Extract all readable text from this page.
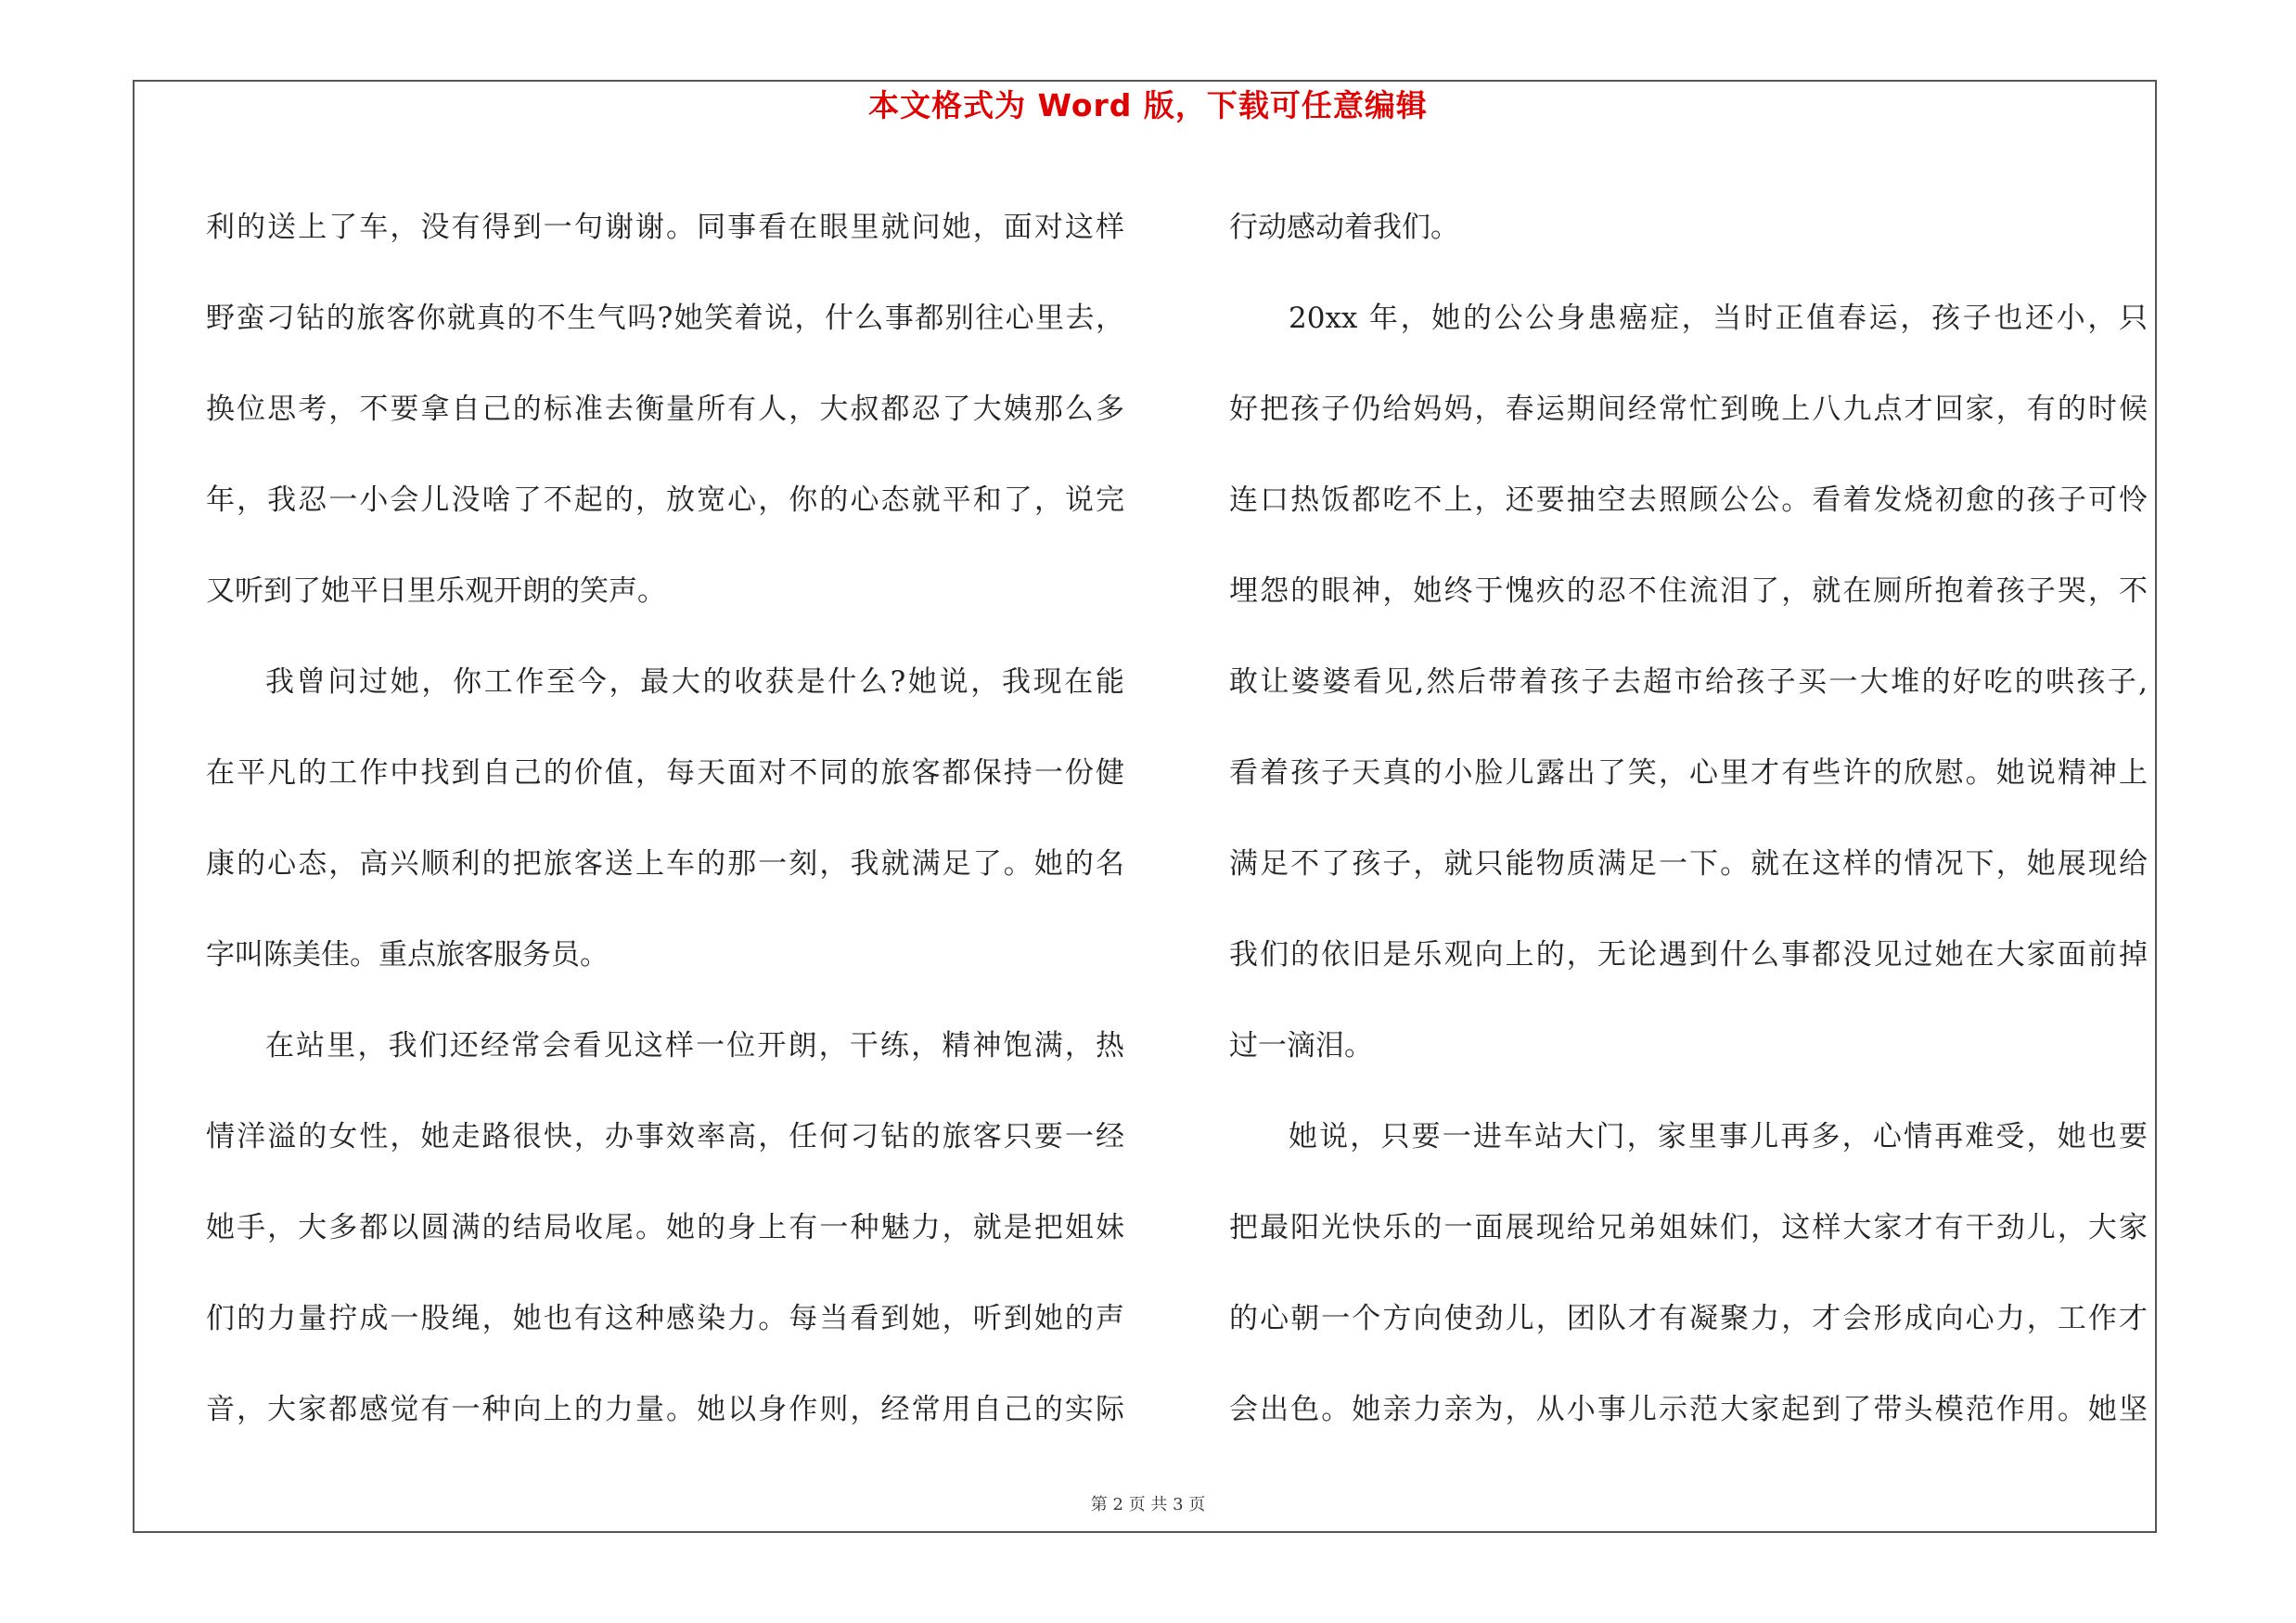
本文格式为 Word 版，下载可任意编辑
利的送上了车，没有得到一句谢谢。同事看在眼里就问她，面对这样
野蛮刁钻的旅客你就真的不生气吗?她笑着说，什么事都别往心里去，
换位思考，不要拿自己的标准去衡量所有人，大叔都忍了大姨那么多
年，我忍一小会儿没啥了不起的，放宽心，你的心态就平和了，说完
又听到了她平日里乐观开朗的笑声。
我曾问过她，你工作至今，最大的收获是什么?她说，我现在能
在平凡的工作中找到自己的价值，每天面对不同的旅客都保持一份健
康的心态，高兴顺利的把旅客送上车的那一刻，我就满足了。她的名
字叫陈美佳。重点旅客服务员。
在站里，我们还经常会看见这样一位开朗，干练，精神饱满，热
情洋溢的女性，她走路很快，办事效率高，任何刁钻的旅客只要一经
她手，大多都以圆满的结局收尾。她的身上有一种魅力，就是把姐妹
们的力量拧成一股绳，她也有这种感染力。每当看到她，听到她的声
音，大家都感觉有一种向上的力量。她以身作则，经常用自己的实际
行动感动着我们。
20xx 年，她的公公身患癌症，当时正值春运，孩子也还小，只
好把孩子仍给妈妈，春运期间经常忙到晚上八九点才回家，有的时候
连口热饭都吃不上，还要抽空去照顾公公。看着发烧初愈的孩子可怜
埋怨的眼神，她终于愧疚的忍不住流泪了，就在厕所抱着孩子哭，不
敢让婆婆看见,然后带着孩子去超市给孩子买一大堆的好吃的哄孩子,
看着孩子天真的小脸儿露出了笑，心里才有些许的欣慰。她说精神上
满足不了孩子，就只能物质满足一下。就在这样的情况下，她展现给
我们的依旧是乐观向上的，无论遇到什么事都没见过她在大家面前掉
过一滴泪。
她说，只要一进车站大门，家里事儿再多，心情再难受，她也要
把最阳光快乐的一面展现给兄弟姐妹们，这样大家才有干劲儿，大家
的心朝一个方向使劲儿，团队才有凝聚力，才会形成向心力，工作才
会出色。她亲力亲为，从小事儿示范大家起到了带头模范作用。她坚
第 2 页 共 3 页
